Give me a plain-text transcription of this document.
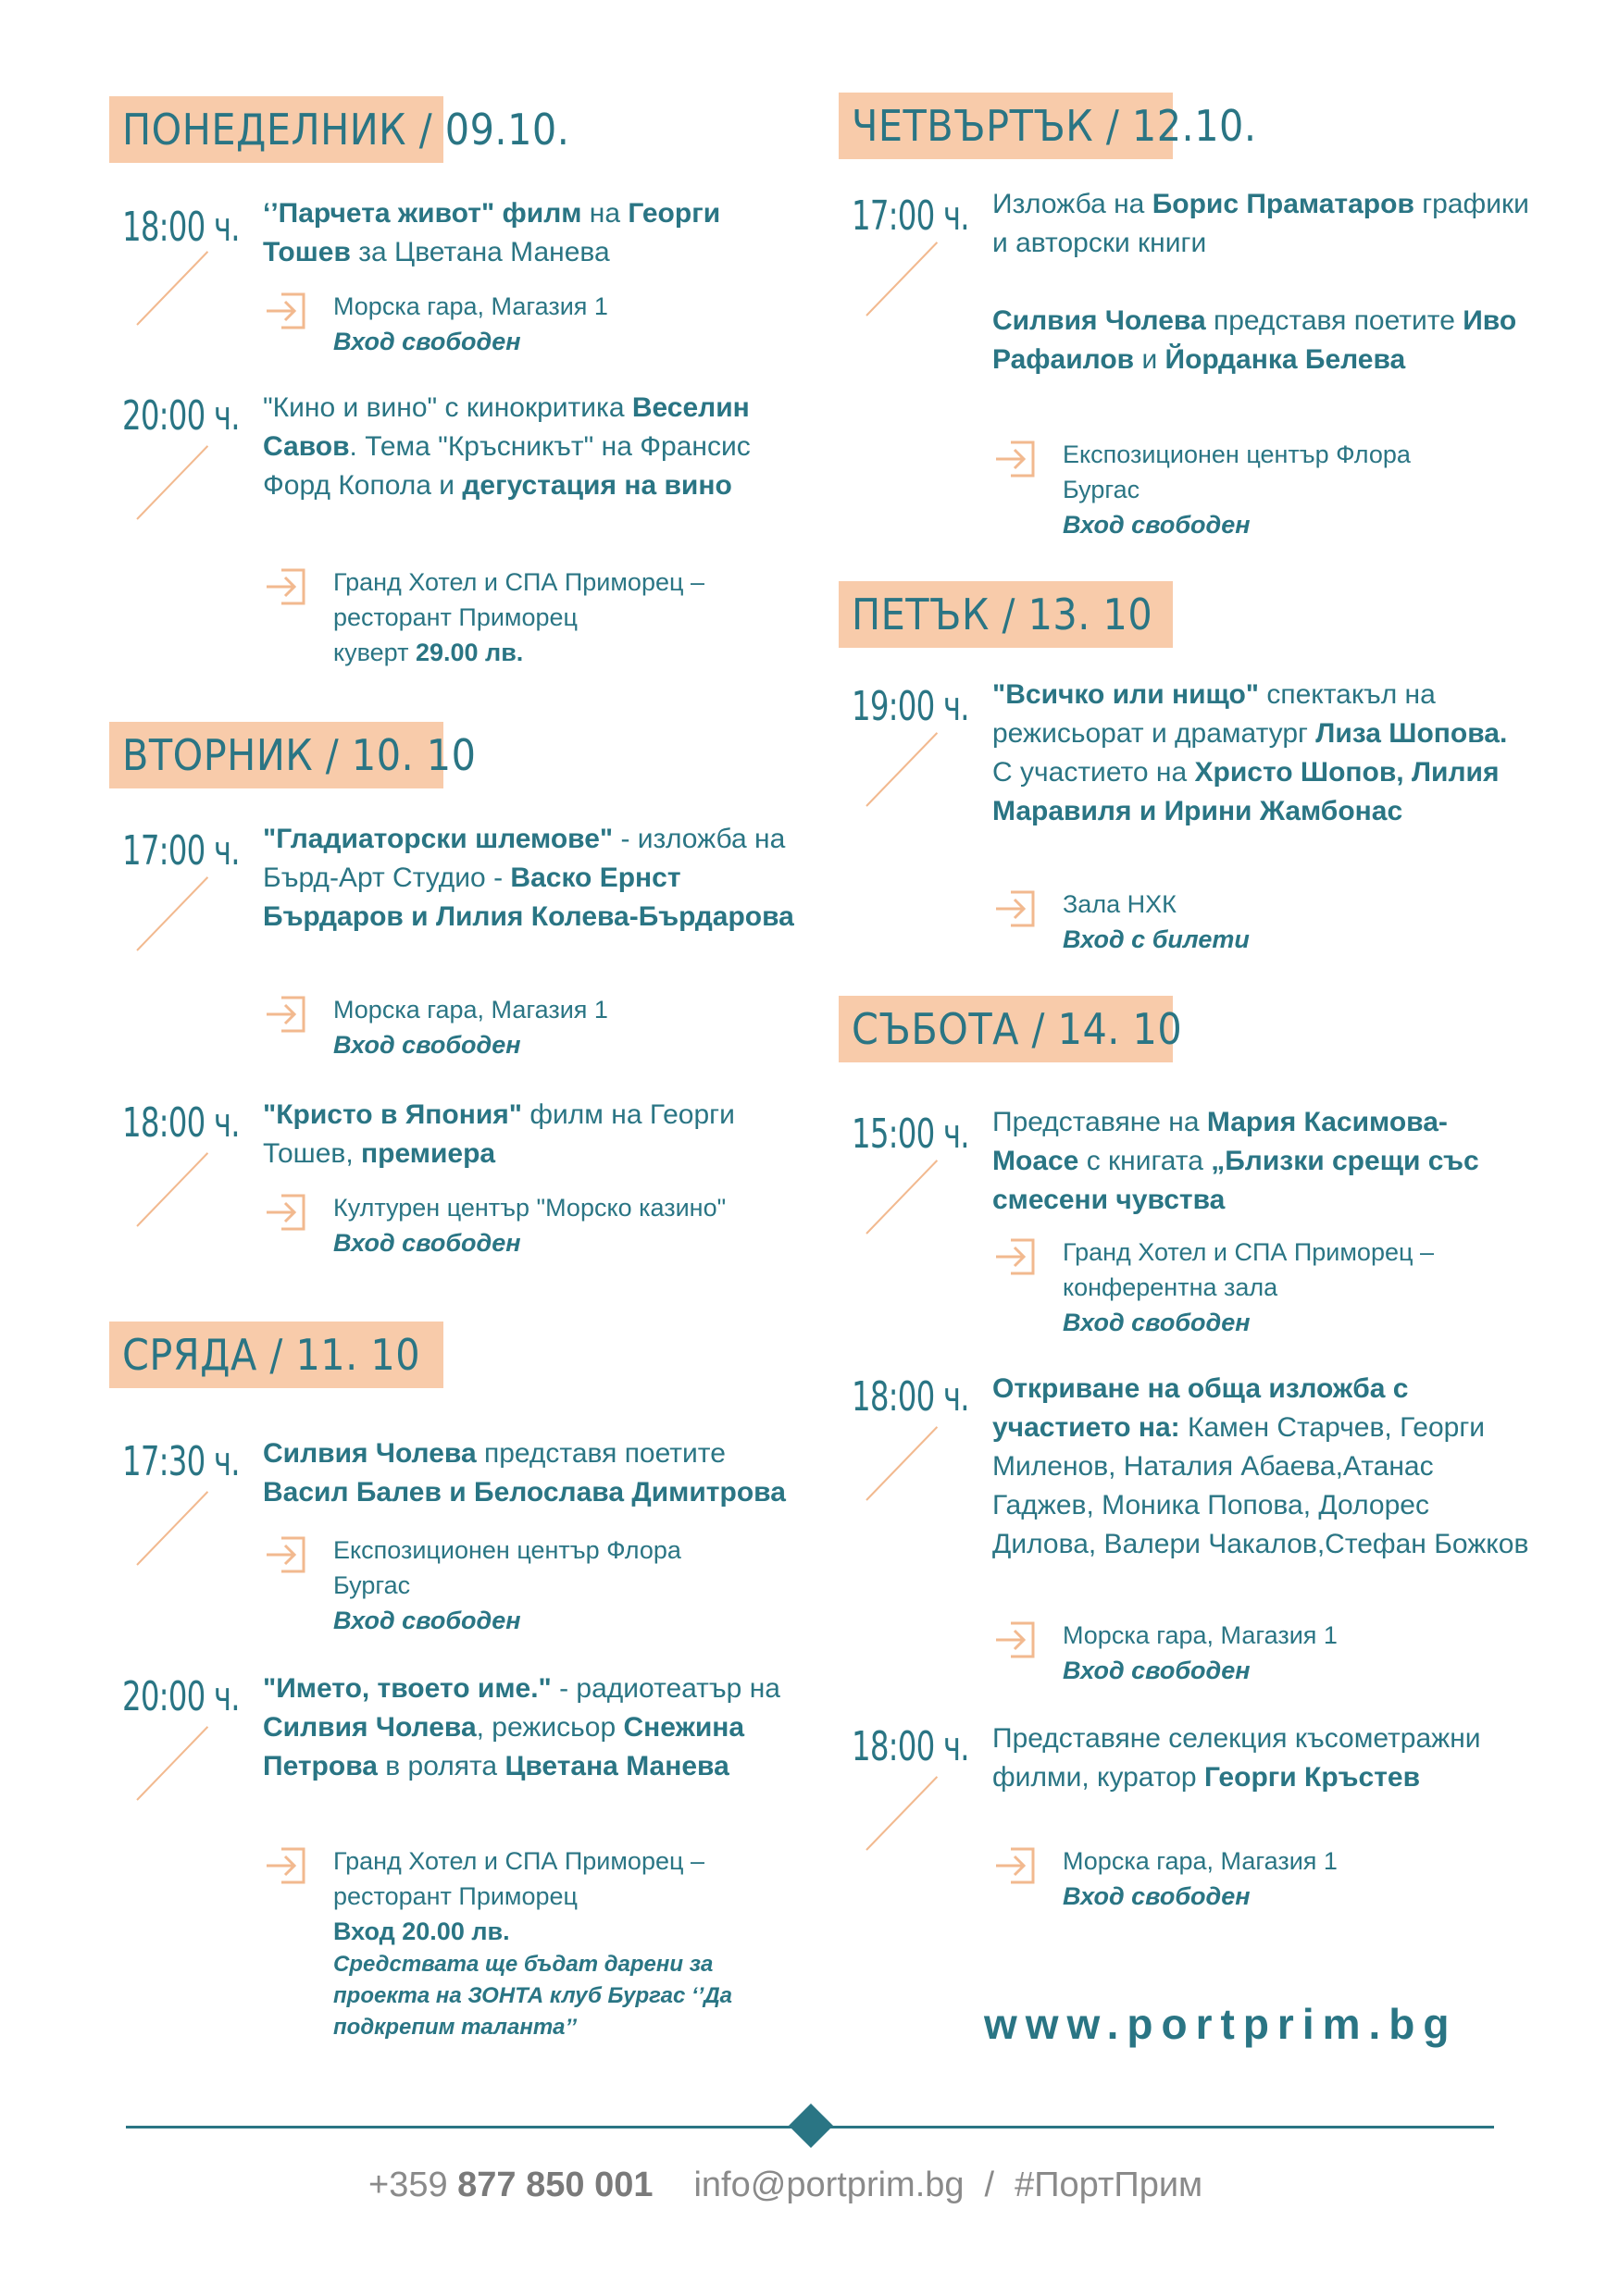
ПОНЕДЕЛНИК / 09.10.
18:00 ч. ‘’Парчета живот" филм на Георги Тошев за Цветана Манева
Морска гара, Магазия 1
Вход свободен
20:00 ч. "Кино и вино" с кинокритика Веселин Савов. Тема "Кръсникът" на Франсис Форд Копола и дегустация на вино
Гранд Хотел и СПА Приморец –
ресторант Приморец
куверт 29.00 лв.
ВТОРНИК / 10. 10
17:00 ч. "Гладиаторски шлемове" - изложба на Бърд-Арт Студио - Васко Ернст Бърдаров и Лилия Колева-Бърдарова
Морска гара, Магазия 1
Вход свободен
18:00 ч. "Кристо в Япония" филм на Георги Тошев, премиера
Културен център "Морско казино"
Вход свободен
СРЯДА / 11. 10
17:30 ч. Силвия Чолева представя поетите Васил Балев и Белослава Димитрова
Експозиционен център Флора
Бургас
Вход свободен
20:00 ч. "Името, твоето име." - радиотеатър на Силвия Чолева, режисьор Снежина Петрова в ролята Цветана Манева
Гранд Хотел и СПА Приморец –
ресторант Приморец
Вход 20.00 лв.
Средствата ще бъдат дарени за
проекта на ЗОНТА клуб Бургас ‘’Да
подкрепим таланта’’
ЧЕТВЪРТЪК / 12.10.
17:00 ч. Изложба на Борис Праматаров графики и авторски книги
Силвия Чолева представя поетите Иво Рафаилов и Йорданка Белева
Експозиционен център Флора
Бургас
Вход свободен
ПЕТЪК / 13. 10
19:00 ч. "Всичко или нищо" спектакъл на режисьорат и драматург Лиза Шопова. С участието на Христо Шопов, Лилия Маравиля и Ирини Жамбонас
Зала НХК
Вход с билети
СЪБОТА / 14. 10
15:00 ч. Представяне на Мария Касимова-Моасе с книгата „Близки срещи със смесени чувства
Гранд Хотел и СПА Приморец –
конферентна зала
Вход свободен
18:00 ч. Откриване на обща изложба с участието на: Камен Старчев, Георги Миленов, Наталия Абаева,Атанас Гаджев, Моника Попова, Долорес Дилова, Валери Чакалов,Стефан Божков
Морска гара, Магазия 1
Вход свободен
18:00 ч. Представяне селекция късометражни филми, куратор Георги Кръстев
Морска гара, Магазия 1
Вход свободен
www.portprim.bg
+359 877 850 001 info@portprim.bg / #ПортПрим
